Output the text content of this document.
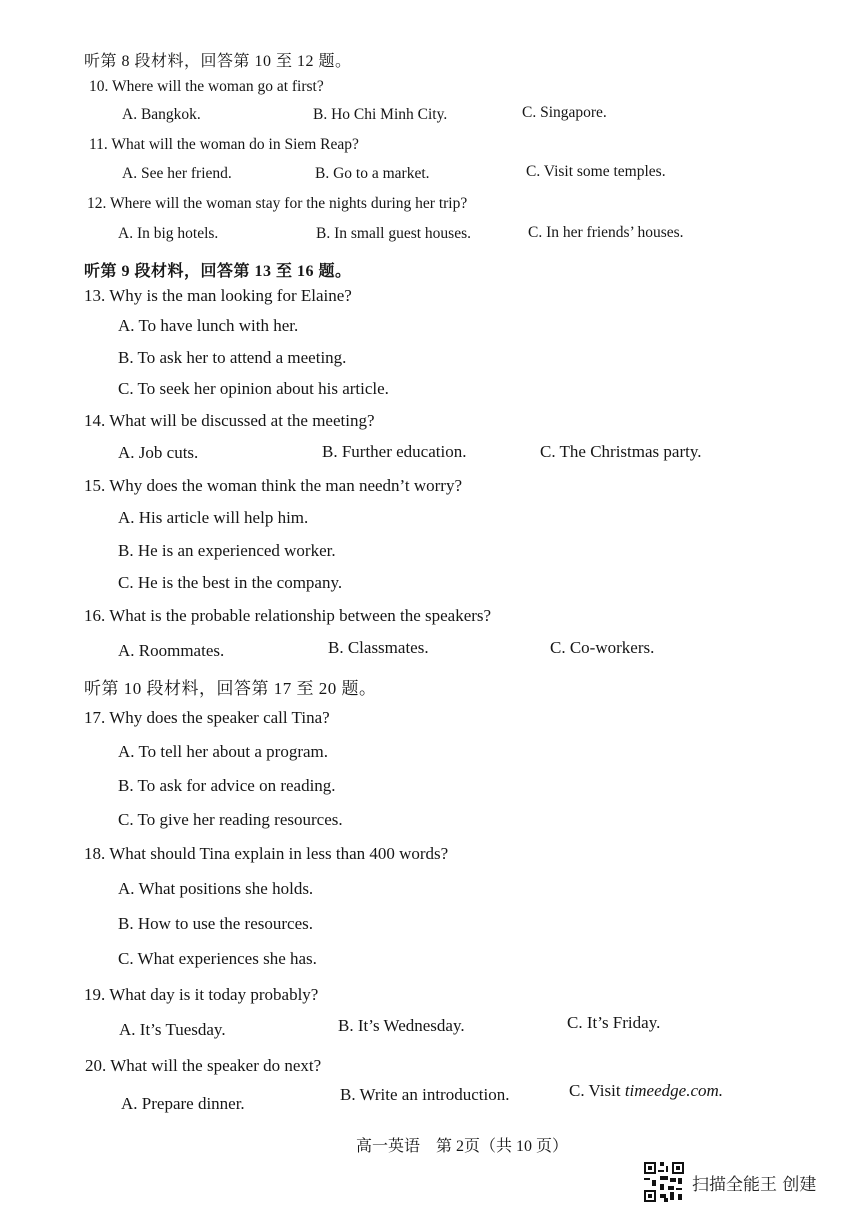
听第 8 段材料，回答第 10 至 12 题。
10. Where will the woman go at first?
A. Bangkok.	B. Ho Chi Minh City.	C. Singapore.
11. What will the woman do in Siem Reap?
A. See her friend.	B. Go to a market.	C. Visit some temples.
12. Where will the woman stay for the nights during her trip?
A. In big hotels.	B. In small guest houses.	C. In her friends’ houses.
听第 9 段材料，回答第 13 至 16 题。
13. Why is the man looking for Elaine?
A. To have lunch with her.
B. To ask her to attend a meeting.
C. To seek her opinion about his article.
14. What will be discussed at the meeting?
A. Job cuts.	B. Further education.	C. The Christmas party.
15. Why does the woman think the man needn’t worry?
A. His article will help him.
B. He is an experienced worker.
C. He is the best in the company.
16. What is the probable relationship between the speakers?
A. Roommates.	B. Classmates.	C. Co-workers.
听第 10 段材料，回答第 17 至 20 题。
17. Why does the speaker call Tina?
A. To tell her about a program.
B. To ask for advice on reading.
C. To give her reading resources.
18. What should Tina explain in less than 400 words?
A. What positions she holds.
B. How to use the resources.
C. What experiences she has.
19. What day is it today probably?
A. It’s Tuesday.	B. It’s Wednesday.	C. It’s Friday.
20. What will the speaker do next?
A. Prepare dinner.	B. Write an introduction.	C. Visit timeedge.com.
高一英语　第 2页（共 10 页）
扫描全能王 创建
